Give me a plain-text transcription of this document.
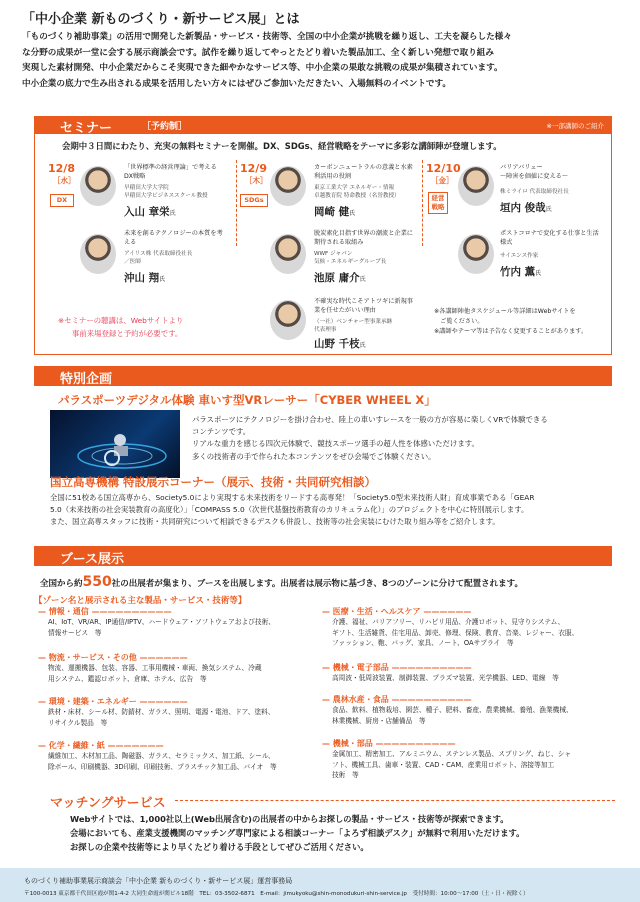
「中小企業 新ものづくり・新サービス展」とは
「ものづくり補助事業」の活用で開発した新製品・サービス・技術等、全国の中小企業が挑戦を繰り返し、工夫を凝らした様々
な分野の成果が一堂に会する展示商談会です。試作を繰り返してやっとたどり着いた製品加工、全く新しい発想で取り組み
実現した素材開発、中小企業だからこそ実現できた細やかなサービス等、中小企業の果敢な挑戦の成果が集積されています。
中小企業の底力で生み出される成果を活用したい方々にはぜひご参加いただきたい、入場無料のイベントです。
セミナー	［予約制］	※一部講師のご紹介
会期中３日間にわたり、充実の無料セミナーを開催。DX、SDGs、経営戦略をテーマに多彩な講師陣が登壇します。
12/8
［水］
DX
「世界標準の経営理論」で考えるDX戦略
早稲田大学大学院
早稲田大学ビジネススクール教授
入山 章栄氏
未来を創るテクノロジーの本質を考える
アイリス株 代表取締役社長
／医師
沖山 翔氏
12/9
［木］
SDGs
カーボンニュートラルの意義と水素利活用の役割
東京工業大学 エネルギー・情報
卓越教育院 特命教授（名誉教授）
岡崎 健氏
脱炭素化目指す世界の潮流と企業に期待される取組み
WWF ジャパン
気候・エネルギーグループ長
池原 庸介氏
不確実な時代こそアトツギに新規事業を任せたがいい理由
（一社）ベンチャー型事業承継
代表理事
山野 千枝氏
12/10
［金］
経営
戦略
バリアバリュー
〜障害を価値に変える〜
株ミライロ 代表取締役社長
垣内 俊哉氏
ポストコロナで変化する仕事と生活様式
サイエンス作家
竹内 薫氏
※セミナーの聴講は、Webサイトより
事前来場登録と予約が必要です。
※各講師陣他タスケジュール等詳細はWebサイトを
　ご覧ください。
※講師やテーマ等は予告なく変更することがあります。
特別企画
パラスポーツデジタル体験 車いす型VRレーサー「CYBER WHEEL X」
パラスポーツにテクノロジーを掛け合わせ、陸上の車いすレースを一般の方が容易に楽しくVRで体験できる
コンテンツです。
リアルな重力を感じる四次元体験で、競技スポーツ選手の超人性を体感いただけます。
多くの技術者の手で作られた本コンテンツをぜひ会場でご体験ください。
国立高専機構 特設展示コーナー（展示、技術・共同研究相談）
全国に51校ある国立高専から、Society5.0により実現する未来技術をリードする高専発！「Society5.0型未来技術人財」育成事業である「GEAR
5.0（未来技術の社会実装教育の高度化）」「COMPASS 5.0（次世代基盤技術教育のカリキュラム化）」のプロジェクトを中心に特別展示します。
また、国立高専スタッフに技術・共同研究について相談できるデスクも併設し、技術等の社会実装にむけた取り組み等をご紹介します。
ブース展示
全国から約550社の出展者が集まり、ブースを出展します。出展者は展示物に基づき、8つのゾーンに分けて配置されます。
【ゾーン名と展示される主な製品・サービス・技術等】
— 情報・通信 ——————————
AI、IoT、VR/AR、IP通信/IPTV、ハードウェア・ソフトウェアおよび技術、
情報サービス　等
— 物流・サービス・その他 ——————
物流、運搬機器、包装、容器、工事用機械・車両、換気システム、冷蔵
用システム、鑑認ロボット、倉庫、ホテル、広告　等
— 環境・建築・エネルギー ——————
鉄材・床材、シール材、防錆材、ガラス、照明、電源・電池、ドア、塗料、
リサイクル製品　等
— 化学・繊維・紙 ———————
繊維加工、木材加工品、陶磁器、ガラス、セラミックス、加工紙、シール、
除ボール、印刷機器、3D印刷、印刷技術、プラスチック加工品、バイオ　等
— 医療・生活・ヘルスケア ——————
介護、福祉、バリアフリー、リハビリ用品、介護ロボット、見守りシステム、
ギフト、生活雑貨、住宅用品、卸売、修理、保険、教育、音楽、レジャー、衣服、
ファッション、鞄、バッグ、家具、ノート、OAサプライ　等
— 機械・電子部品 ——————————
高周波・低周波装置、制御装置、プラズマ装置、光学機器、LED、電線　等
— 農林水産・食品 ——————————
食品、飲料、植物栽培、園芸、種子、肥料、畜産、農業機械、養殖、漁業機械、
林業機械、厨房・店舗備品　等
— 機械・部品 ——————————
金属加工、精密加工、アルミニウム、ステンレス製品、スプリング、ねじ、シャ
フト、機械工具、歯車・装置、CAD・CAM、産業用ロボット、溶接等加工
技術　等
マッチングサービス
Webサイトでは、1,000社以上(Web出展含む)の出展者の中からお探しの製品・サービス・技術等が探索できます。
会場においても、産業支援機関のマッチング専門家による相談コーナー「よろず相談デスク」が無料で利用いただけます。
お探しの企業や技術等により早くたどり着ける手段としてぜひご活用ください。
ものづくり補助事業展示商談会「中小企業 新ものづくり・新サービス展」運営事務局
〒100-0013 東京都千代田区霞が関1-4-2 大同生命霞が関ビル18階　TEL：03-3502-6871　E-mail：jimukyoku@shin-monodukuri-shin-service.jp　受付時間：10:00〜17:00（土・日・祝除く）
